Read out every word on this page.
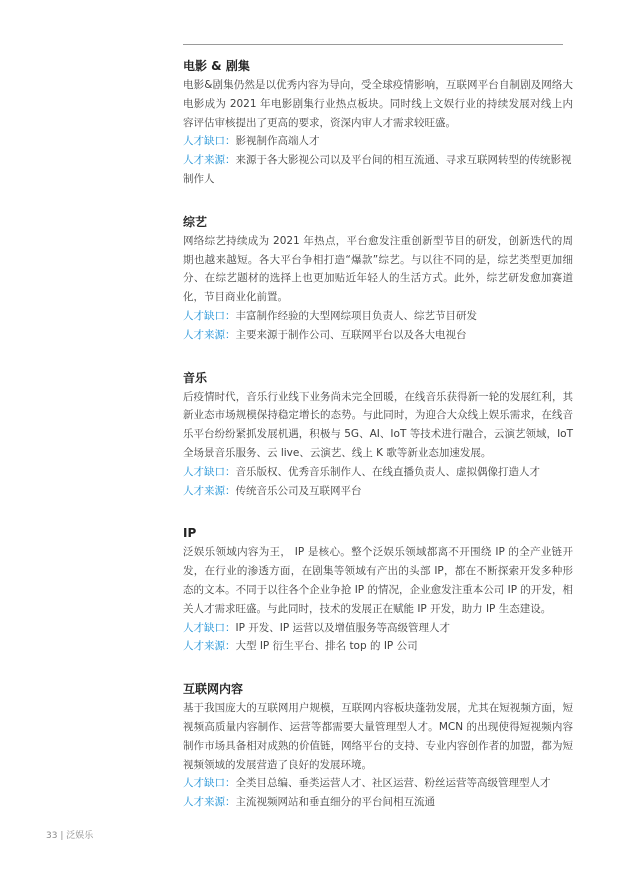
电影 & 剧集

电影&剧集仍然是以优秀内容为导向，受全球疫情影响，互联网平台自制剧及网络大电影成为 2021 年电影剧集行业热点板块。同时线上文娱行业的持续发展对线上内容评估审核提出了更高的要求，资深内审人才需求较旺盛。

人才缺口：影视制作高端人才
人才来源：来源于各大影视公司以及平台间的相互流通、寻求互联网转型的传统影视制作人
综艺

网络综艺持续成为 2021 年热点，平台愈发注重创新型节目的研发，创新迭代的周期也越来越短。各大平台争相打造“爆款”综艺。与以往不同的是，综艺类型更加细分、在综艺题材的选择上也更加贴近年轻人的生活方式。此外，综艺研发愈加赛道化，节目商业化前置。

人才缺口：丰富制作经验的大型网综项目负责人、综艺节目研发
人才来源：主要来源于制作公司、互联网平台以及各大电视台
音乐

后疫情时代，音乐行业线下业务尚未完全回暖，在线音乐获得新一轮的发展红利，其新业态市场规模保持稳定增长的态势。与此同时，为迎合大众线上娱乐需求，在线音乐平台纷纷紧抓发展机遇，积极与 5G、AI、IoT 等技术进行融合，云演艺领域，IoT 全场景音乐服务、云 live、云演艺、线上 K 歌等新业态加速发展。

人才缺口：音乐版权、优秀音乐制作人、在线直播负责人、虚拟偶像打造人才
人才来源：传统音乐公司及互联网平台
IP

泛娱乐领域内容为王， IP 是核心。整个泛娱乐领域都离不开围绕 IP 的全产业链开发，在行业的渗透方面，在剧集等领域有产出的头部 IP，都在不断探索开发多种形态的文本。不同于以往各个企业争抢 IP 的情况，企业愈发注重本公司 IP 的开发，相关人才需求旺盛。与此同时，技术的发展正在赋能 IP 开发，助力 IP 生态建设。

人才缺口：IP 开发、IP 运营以及增值服务等高级管理人才
人才来源：大型 IP 衍生平台、排名 top 的 IP 公司
互联网内容

基于我国庞大的互联网用户规模，互联网内容板块蓬勃发展，尤其在短视频方面，短视频高质量内容制作、运营等都需要大量管理型人才。MCN 的出现使得短视频内容制作市场具备相对成熟的价值链，网络平台的支持、专业内容创作者的加盟，都为短视频领域的发展营造了良好的发展环境。

人才缺口：全类目总编、垂类运营人才、社区运营、粉丝运营等高级管理型人才
人才来源：主流视频网站和垂直细分的平台间相互流通
33 | 泛娱乐
